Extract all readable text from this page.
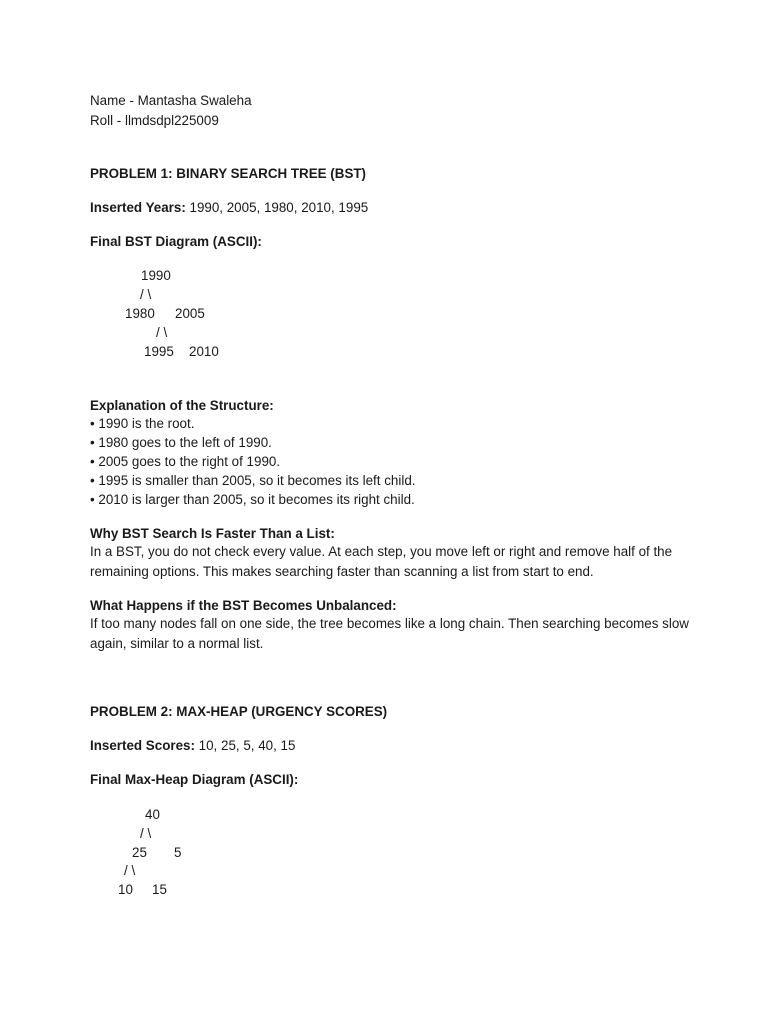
Name - Mantasha Swaleha
Roll - llmdsdpl225009
PROBLEM 1: BINARY SEARCH TREE (BST)
Inserted Years: 1990, 2005, 1980, 2010, 1995
Final BST Diagram (ASCII):
1990
/ \
1980 2005
/ \
1995 2010
Explanation of the Structure:
• 1990 is the root.
• 1980 goes to the left of 1990.
• 2005 goes to the right of 1990.
• 1995 is smaller than 2005, so it becomes its left child.
• 2010 is larger than 2005, so it becomes its right child.
Why BST Search Is Faster Than a List:
In a BST, you do not check every value. At each step, you move left or right and remove half of the remaining options. This makes searching faster than scanning a list from start to end.
What Happens if the BST Becomes Unbalanced:
If too many nodes fall on one side, the tree becomes like a long chain. Then searching becomes slow again, similar to a normal list.
PROBLEM 2: MAX-HEAP (URGENCY SCORES)
Inserted Scores: 10, 25, 5, 40, 15
Final Max-Heap Diagram (ASCII):
40
/ \
25 5
/ \
10 15
